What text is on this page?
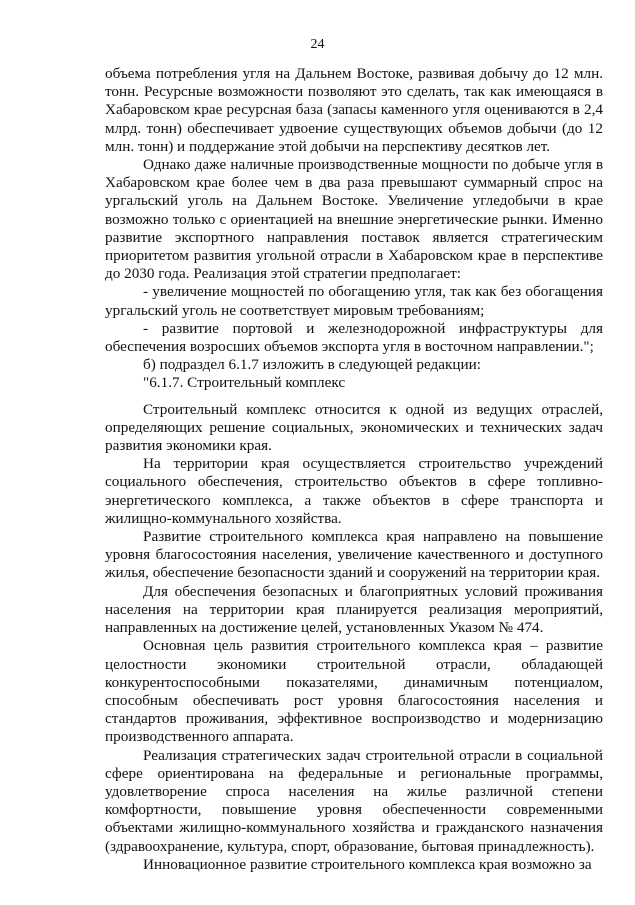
24

объема потребления угля на Дальнем Востоке, развивая добычу до 12 млн. тонн. Ресурсные возможности позволяют это сделать, так как имеющаяся в Хабаровском крае ресурсная база (запасы каменного угля оцениваются в 2,4 млрд. тонн) обеспечивает удвоение существующих объемов добычи (до 12 млн. тонн) и поддержание этой добычи на перспективу десятков лет.

Однако даже наличные производственные мощности по добыче угля в Хабаровском крае более чем в два раза превышают суммарный спрос на ургальский уголь на Дальнем Востоке. Увеличение угледобычи в крае возможно только с ориентацией на внешние энергетические рынки. Именно развитие экспортного направления поставок является стратегическим приоритетом развития угольной отрасли в Хабаровском крае в перспективе до 2030 года. Реализация этой стратегии предполагает:

- увеличение мощностей по обогащению угля, так как без обогащения ургальский уголь не соответствует мировым требованиям;

- развитие портовой и железнодорожной инфраструктуры для обеспечения возросших объемов экспорта угля в восточном направлении.";

б) подраздел 6.1.7 изложить в следующей редакции:

"6.1.7. Строительный комплекс

Строительный комплекс относится к одной из ведущих отраслей, определяющих решение социальных, экономических и технических задач развития экономики края.

На территории края осуществляется строительство учреждений социального обеспечения, строительство объектов в сфере топливно-энергетического комплекса, а также объектов в сфере транспорта и жилищно-коммунального хозяйства.

Развитие строительного комплекса края направлено на повышение уровня благосостояния населения, увеличение качественного и доступного жилья, обеспечение безопасности зданий и сооружений на территории края.

Для обеспечения безопасных и благоприятных условий проживания населения на территории края планируется реализация мероприятий, направленных на достижение целей, установленных Указом № 474.

Основная цель развития строительного комплекса края – развитие целостности экономики строительной отрасли, обладающей конкурентоспособными показателями, динамичным потенциалом, способным обеспечивать рост уровня благосостояния населения и стандартов проживания, эффективное воспроизводство и модернизацию производственного аппарата.

Реализация стратегических задач строительной отрасли в социальной сфере ориентирована на федеральные и региональные программы, удовлетворение спроса населения на жилье различной степени комфортности, повышение уровня обеспеченности современными объектами жилищно-коммунального хозяйства и гражданского назначения (здравоохранение, культура, спорт, образование, бытовая принадлежность).

Инновационное развитие строительного комплекса края возможно за
